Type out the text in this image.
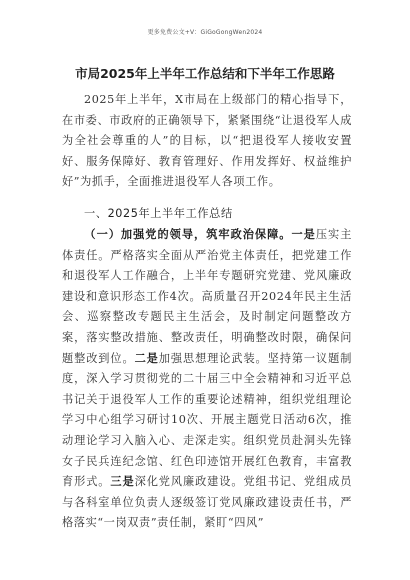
更多免费公文+V：GiGoGongWen2024
市局2025年上半年工作总结和下半年工作思路
2025年上半年，X市局在上级部门的精心指导下，在市委、市政府的正确领导下，紧紧围绕“让退役军人成为全社会尊重的人”的目标，以“把退役军人接收安置好、服务保障好、教育管理好、作用发挥好、权益维护好”为抓手，全面推进退役军人各项工作。
一、2025年上半年工作总结
（一）加强党的领导，筑牢政治保障。一是压实主体责任。严格落实全面从严治党主体责任，把党建工作和退役军人工作融合，上半年专题研究党建、党风廉政建设和意识形态工作4次。高质量召开2024年民主生活会、巡察整改专题民主生活会，及时制定问题整改方案，落实整改措施、整改责任，明确整改时限，确保问题整改到位。二是加强思想理论武装。坚持第一议题制度，深入学习贯彻党的二十届三中全会精神和习近平总书记关于退役军人工作的重要论述精神，组织党组理论学习中心组学习研讨10次、开展主题党日活动6次，推动理论学习入脑入心、走深走实。组织党员赴洞头先锋女子民兵连纪念馆、红色印迹馆开展红色教育，丰富教育形式。三是深化党风廉政建设。党组书记、党组成员与各科室单位负责人逐级签订党风廉政建设责任书，严格落实“一岗双责”责任制，紧盯“四风”
